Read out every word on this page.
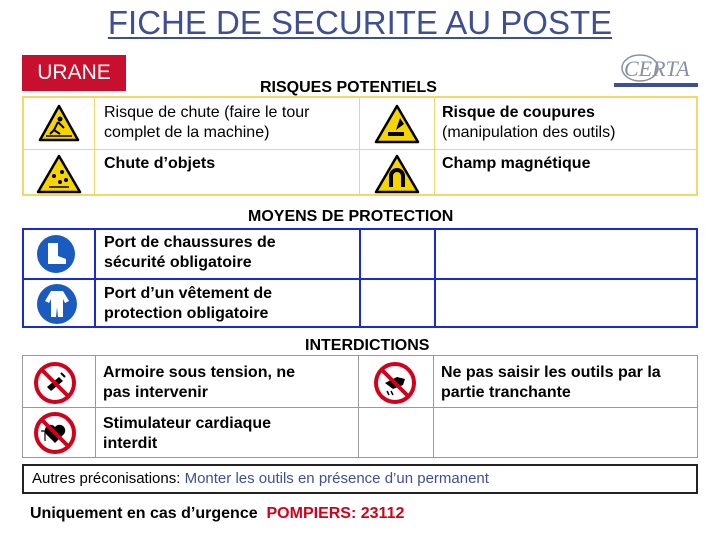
FICHE DE SECURITE AU POSTE
URANE	CERTA
RISQUES POTENTIELS
Risque de chute (faire le tour
complet de la machine)
Risque de coupures
(manipulation des outils)
Chute d’objets	Champ magnétique
MOYENS DE PROTECTION
Port de chaussures de
sécurité obligatoire
Port d’un vêtement de
protection obligatoire
INTERDICTIONS
Armoire sous tension, ne
pas intervenir
Ne pas saisir les outils par la
partie tranchante
Stimulateur cardiaque
interdit
Autres préconisations: Monter les outils en présence d’un permanent
Uniquement en cas d’urgence POMPIERS: 23112
